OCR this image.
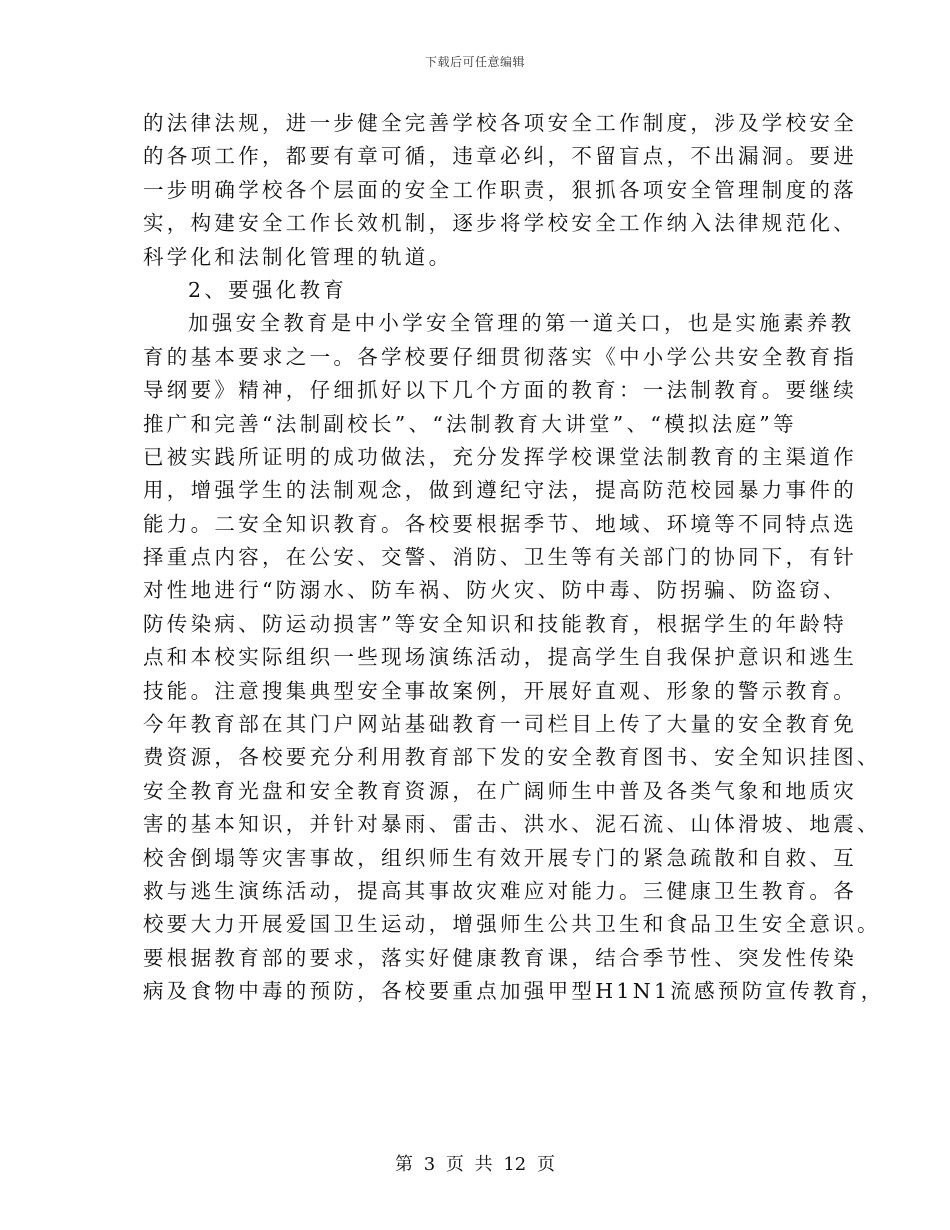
下载后可任意编辑
的法律法规，进一步健全完善学校各项安全工作制度，涉及学校安全
的各项工作，都要有章可循，违章必纠，不留盲点，不出漏洞。要进
一步明确学校各个层面的安全工作职责，狠抓各项安全管理制度的落
实，构建安全工作长效机制，逐步将学校安全工作纳入法律规范化、
科学化和法制化管理的轨道。
2、要强化教育
加强安全教育是中小学安全管理的第一道关口，也是实施素养教
育的基本要求之一。各学校要仔细贯彻落实《中小学公共安全教育指
导纲要》精神，仔细抓好以下几个方面的教育：一法制教育。要继续
推广和完善“法制副校长”、“法制教育大讲堂”、“模拟法庭”等
已被实践所证明的成功做法，充分发挥学校课堂法制教育的主渠道作
用，增强学生的法制观念，做到遵纪守法，提高防范校园暴力事件的
能力。二安全知识教育。各校要根据季节、地域、环境等不同特点选
择重点内容，在公安、交警、消防、卫生等有关部门的协同下，有针
对性地进行“防溺水、防车祸、防火灾、防中毒、防拐骗、防盗窃、
防传染病、防运动损害”等安全知识和技能教育，根据学生的年龄特
点和本校实际组织一些现场演练活动，提高学生自我保护意识和逃生
技能。注意搜集典型安全事故案例，开展好直观、形象的警示教育。
今年教育部在其门户网站基础教育一司栏目上传了大量的安全教育免
费资源，各校要充分利用教育部下发的安全教育图书、安全知识挂图、
安全教育光盘和安全教育资源，在广阔师生中普及各类气象和地质灾
害的基本知识，并针对暴雨、雷击、洪水、泥石流、山体滑坡、地震、
校舍倒塌等灾害事故，组织师生有效开展专门的紧急疏散和自救、互
救与逃生演练活动，提高其事故灾难应对能力。三健康卫生教育。各
校要大力开展爱国卫生运动，增强师生公共卫生和食品卫生安全意识。
要根据教育部的要求，落实好健康教育课，结合季节性、突发性传染
病及食物中毒的预防，各校要重点加强甲型H1N1流感预防宣传教育，
第 3 页 共 12 页
